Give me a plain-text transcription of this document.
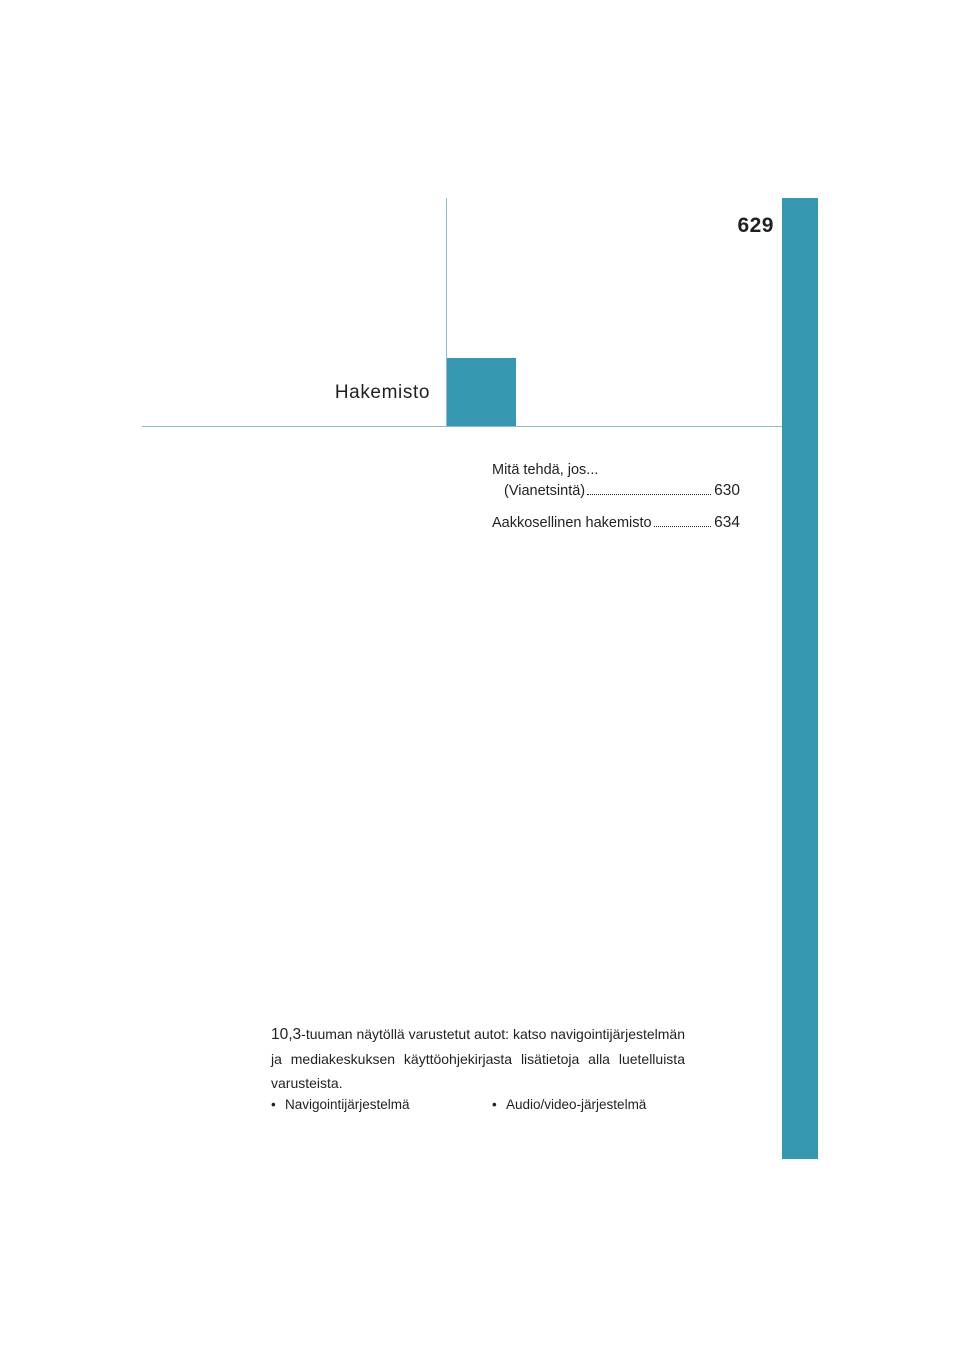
629
Hakemisto
Mitä tehdä, jos...
(Vianetsintä)	630
Aakkosellinen hakemisto	634
10,3-tuuman näytöllä varustetut autot: katso navigointijärjestelmän ja mediakeskuksen käyttöohjekirjasta lisätietoja alla luetelluista varusteista.
• Navigointijärjestelmä	• Audio/video-järjestelmä
